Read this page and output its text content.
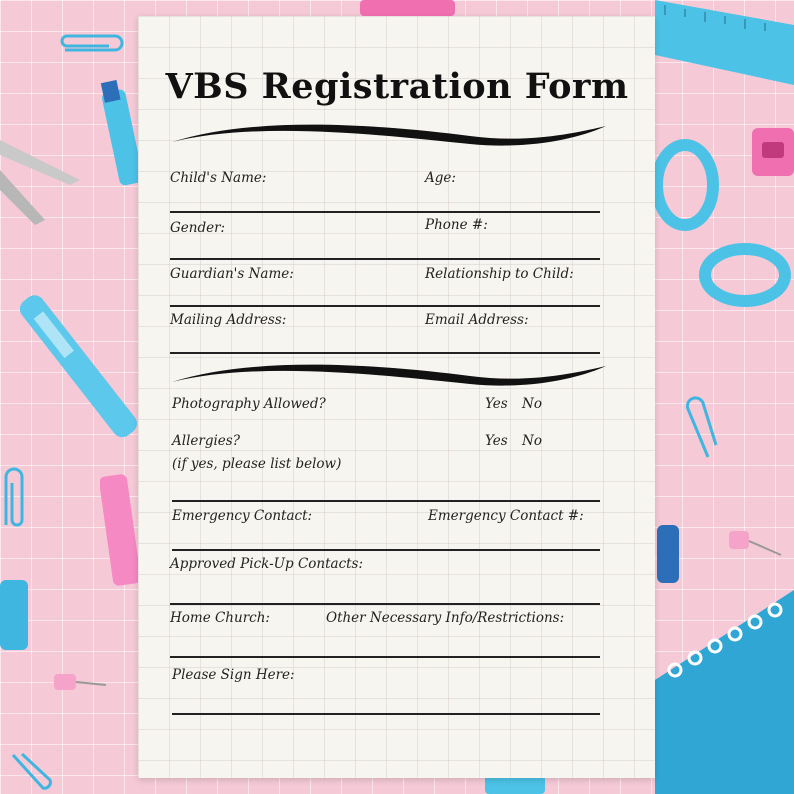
VBS Registration Form
Child's Name:	Age:
Gender:	Phone #:
Guardian's Name:	Relationship to Child:
Mailing Address:	Email Address:
Photography Allowed?	Yes No
Allergies?	Yes No
(if yes, please list below)
Emergency Contact:	Emergency Contact #:
Approved Pick-Up Contacts:
Home Church:	Other Necessary Info/Restrictions:
Please Sign Here:
